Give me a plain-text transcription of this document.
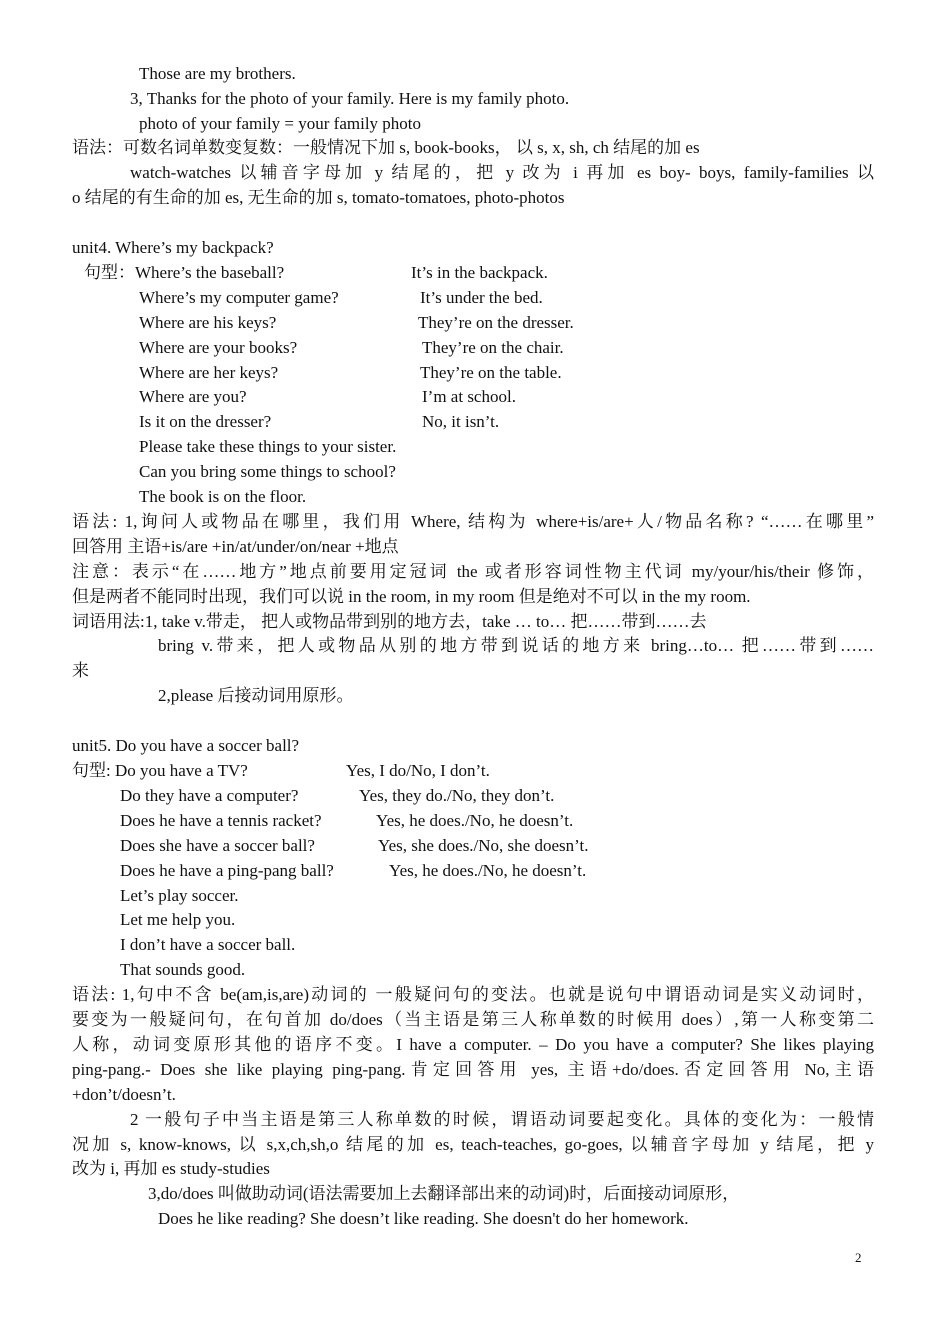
Those are my brothers.
3, Thanks for the photo of your family. Here is my family photo.
photo of your family = your family photo
语法：可数名词单数变复数：一般情况下加 s, book-books， 以 s, x, sh, ch 结尾的加 es
watch-watches 以辅音字母加 y 结尾的，把 y 改为 i 再加 es boy- boys, family-families 以
o 结尾的有生命的加 es, 无生命的加 s, tomato-tomatoes, photo-photos
unit4. Where’s my backpack?
句型：Where’s the baseball?	It’s in the backpack.
Where’s my computer game?	It’s under the bed.
Where are his keys?	They’re on the dresser.
Where are your books?	They’re on the chair.
Where are her keys?	They’re on the table.
Where are you?	I’m at school.
Is it on the dresser?	No, it isn’t.
Please take these things to your sister.
Can you bring some things to school?
The book is on the floor.
语法: 1,询问人或物品在哪里，我们用 Where, 结构为 where+is/are+人/物品名称? “……在哪里”
回答用 主语+is/are +in/at/under/on/near +地点
注意：表示“在……地方”地点前要用定冠词 the 或者形容词性物主代词 my/your/his/their 修饰，
但是两者不能同时出现，我们可以说 in the room, in my room 但是绝对不可以 in the my room.
词语用法:1, take v.带走， 把人或物品带到别的地方去，take … to… 把……带到……去
bring v.带来，把人或物品从别的地方带到说话的地方来 bring…to… 把……带到……
来
2,please 后接动词用原形。
unit5. Do you have a soccer ball?
句型: Do you have a TV?	Yes, I do/No, I don’t.
Do they have a computer?	Yes, they do./No, they don’t.
Does he have a tennis racket?	Yes, he does./No, he doesn’t.
Does she have a soccer ball?	Yes, she does./No, she doesn’t.
Does he have a ping-pang ball?	Yes, he does./No, he doesn’t.
Let’s play soccer.
Let me help you.
I don’t have a soccer ball.
That sounds good.
语法: 1,句中不含 be(am,is,are)动词的 一般疑问句的变法。也就是说句中谓语动词是实义动词时，
要变为一般疑问句，在句首加 do/does（当主语是第三人称单数的时候用 does）,第一人称变第二
人称，动词变原形其他的语序不变。I have a computer. – Do you have a computer? She likes playing
ping-pang.- Does she like playing ping-pang.肯定回答用 yes, 主语+do/does.否定回答用 No,主语
+don’t/doesn’t.
2 一般句子中当主语是第三人称单数的时候，谓语动词要起变化。具体的变化为：一般情
况加 s, know-knows, 以 s,x,ch,sh,o 结尾的加 es, teach-teaches, go-goes, 以辅音字母加 y 结尾，把 y
改为 i, 再加 es study-studies
3,do/does 叫做助动词(语法需要加上去翻译部出来的动词)时，后面接动词原形，
Does he like reading? She doesn’t like reading. She doesn't do her homework.
2
